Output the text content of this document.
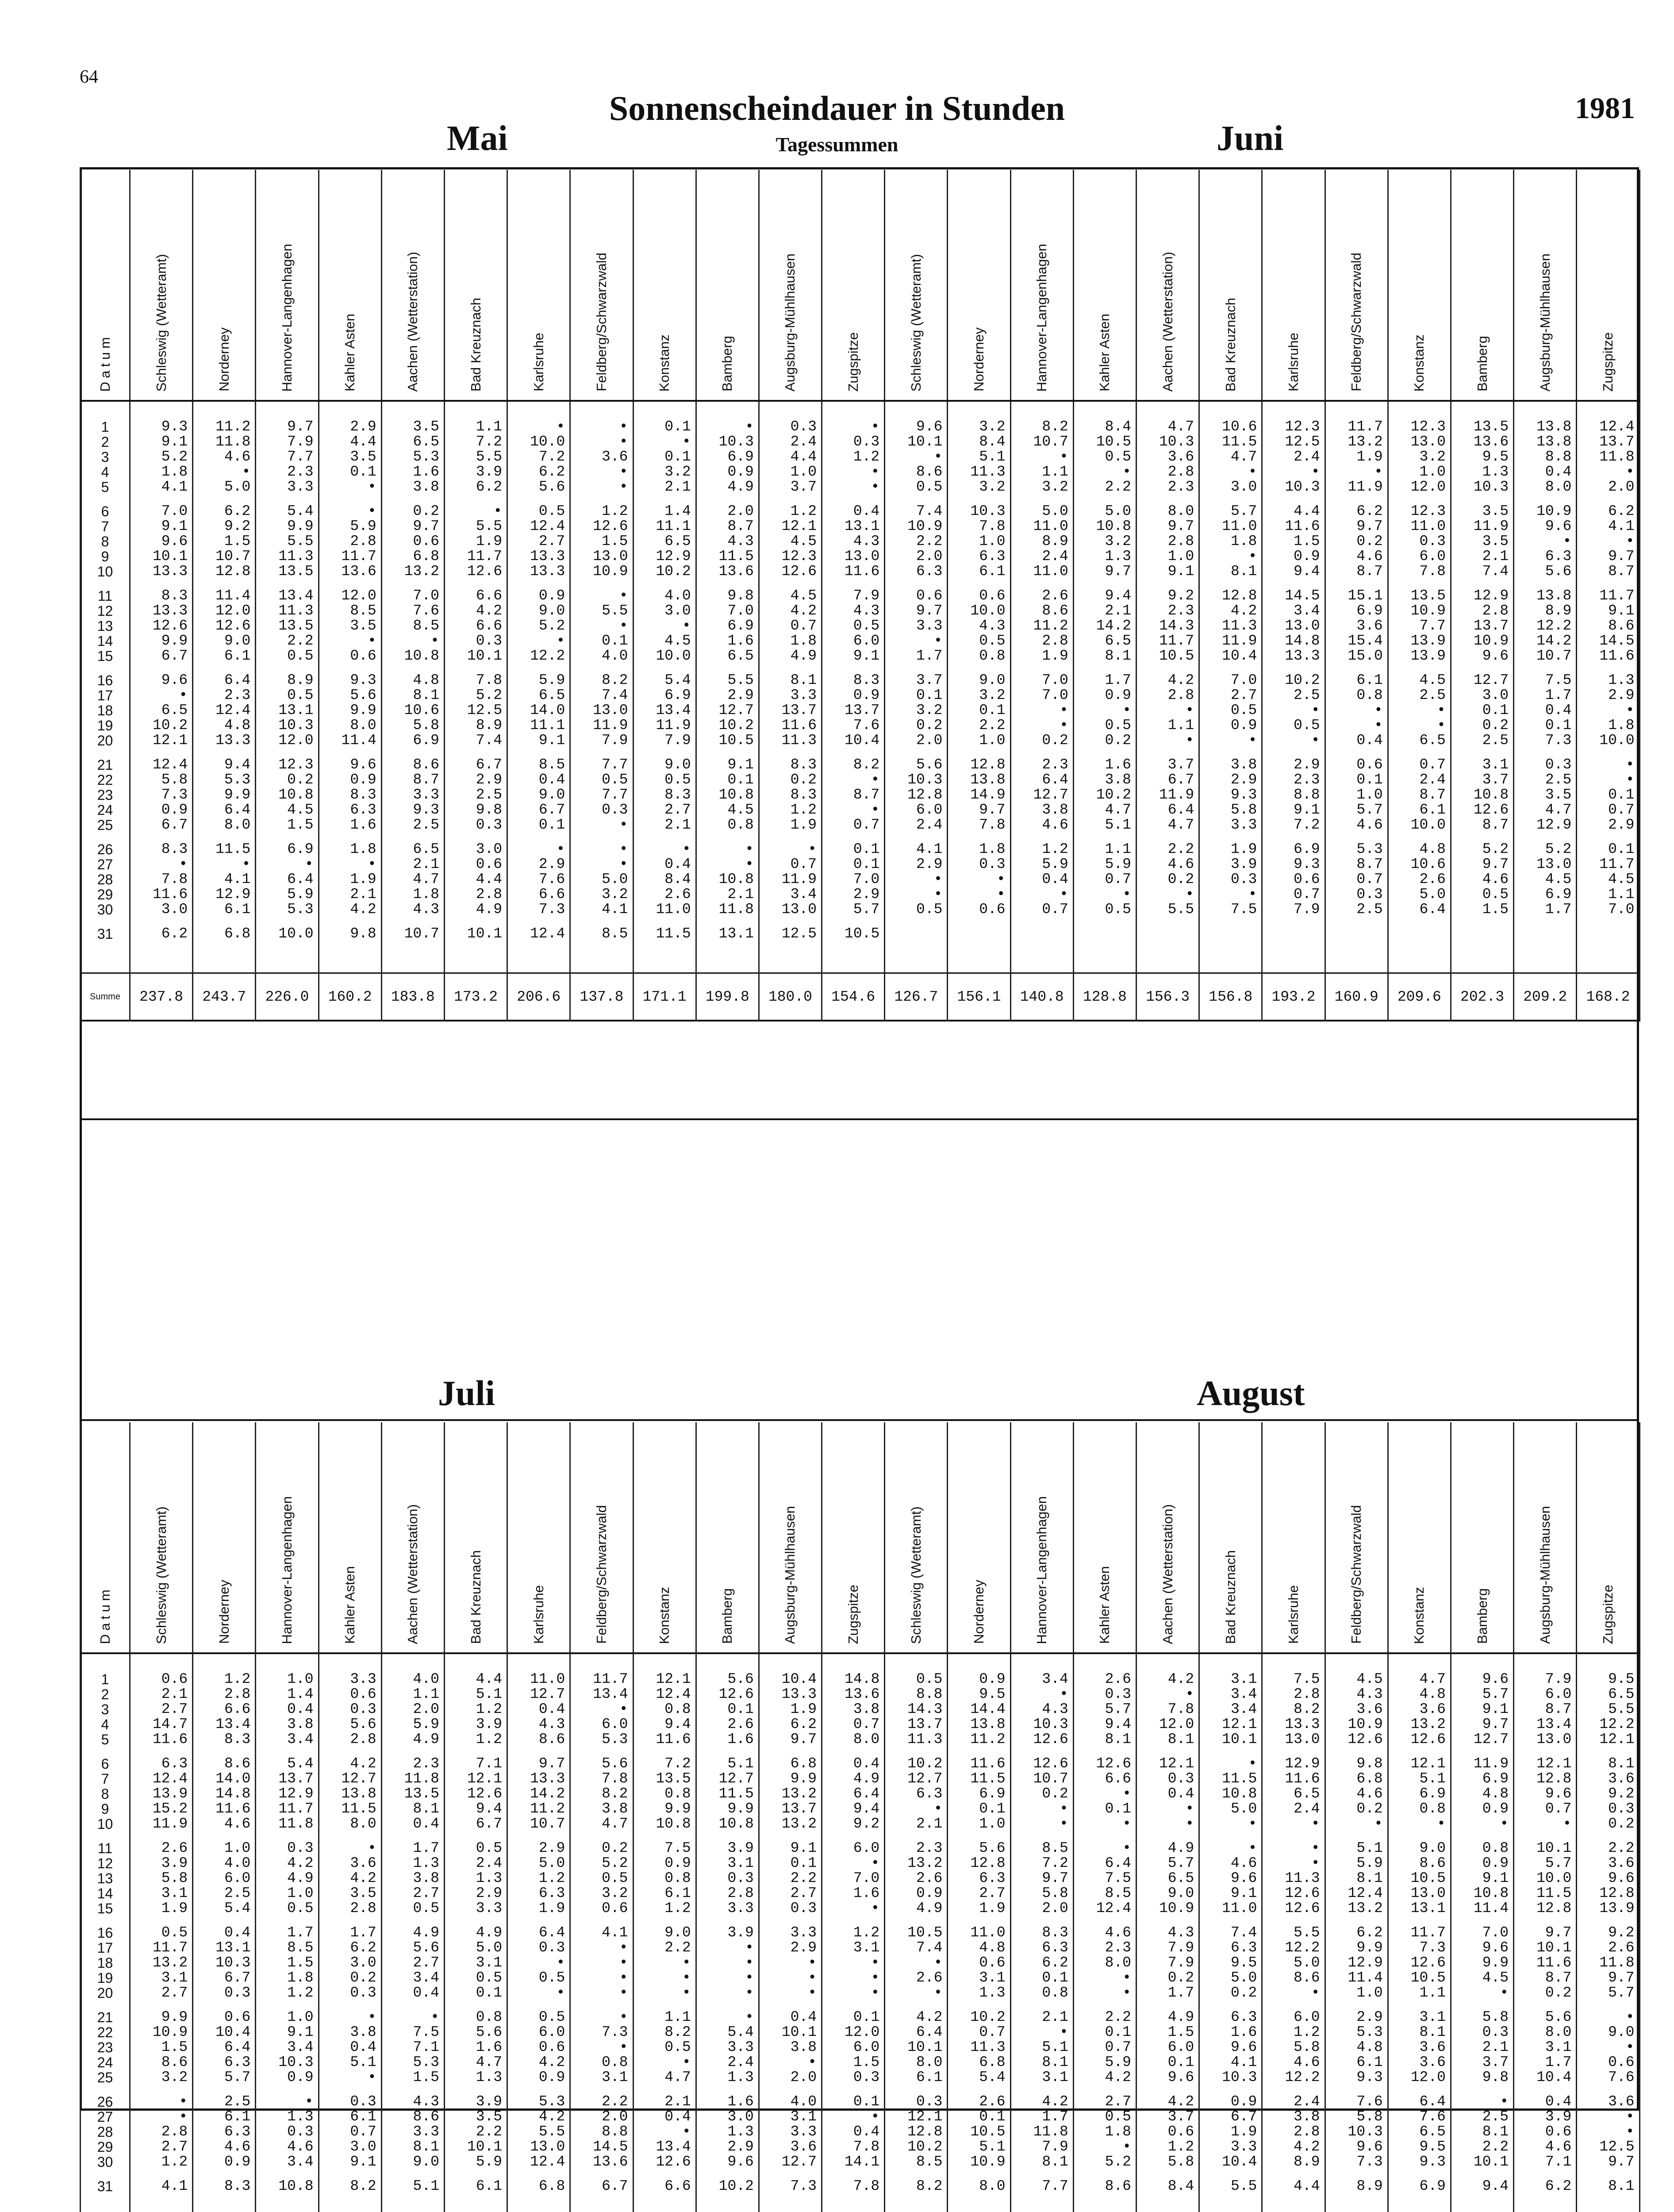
64
Sonnenscheindauer in Stunden
Tagessummen
1981
Mai	Juni
Juli	August
Datum	Schleswig (Wetteramt)	Norderney	Hannover-Langenhagen	Kahler Asten	Aachen (Wetterstation)	Bad Kreuznach	Karlsruhe	Feldberg/Schwarzwald	Konstanz	Bamberg	Augsburg-Mühlhausen	Zugspitze	Schleswig (Wetteramt)	Norderney	Hannover-Langenhagen	Kahler Asten	Aachen (Wetterstation)	Bad Kreuznach	Karlsruhe	Feldberg/Schwarzwald	Konstanz	Bamberg	Augsburg-Mühlhausen	Zugspitze

1	9.3	11.2	9.7	2.9	3.5	1.1	•	•	0.1	•	0.3	•	9.6	3.2	8.2	8.4	4.7	10.6	12.3	11.7	12.3	13.5	13.8	12.4
2	9.1	11.8	7.9	4.4	6.5	7.2	10.0	•	•	10.3	2.4	0.3	10.1	8.4	10.7	10.5	10.3	11.5	12.5	13.2	13.0	13.6	13.8	13.7
3	5.2	4.6	7.7	3.5	5.3	5.5	7.2	3.6	0.1	6.9	4.4	1.2	•	5.1	•	0.5	3.6	4.7	2.4	1.9	3.2	9.5	8.8	11.8
4	1.8	•	2.3	0.1	1.6	3.9	6.2	•	3.2	0.9	1.0	•	8.6	11.3	1.1	•	2.8	•	•	•	1.0	1.3	0.4	•
5	4.1	5.0	3.3	•	3.8	6.2	5.6	•	2.1	4.9	3.7	•	0.5	3.2	3.2	2.2	2.3	3.0	10.3	11.9	12.0	10.3	8.0	2.0

6	7.0	6.2	5.4	•	0.2	•	0.5	1.2	1.4	2.0	1.2	0.4	7.4	10.3	5.0	5.0	8.0	5.7	4.4	6.2	12.3	3.5	10.9	6.2
7	9.1	9.2	9.9	5.9	9.7	5.5	12.4	12.6	11.1	8.7	12.1	13.1	10.9	7.8	11.0	10.8	9.7	11.0	11.6	9.7	11.0	11.9	9.6	4.1
8	9.6	1.5	5.5	2.8	0.6	1.9	2.7	1.5	6.5	4.3	4.5	4.3	2.2	1.0	8.9	3.2	2.8	1.8	1.5	0.2	0.3	3.5	•	•
9	10.1	10.7	11.3	11.7	6.8	11.7	13.3	13.0	12.9	11.5	12.3	13.0	2.0	6.3	2.4	1.3	1.0	•	0.9	4.6	6.0	2.1	6.3	9.7
10	13.3	12.8	13.5	13.6	13.2	12.6	13.3	10.9	10.2	13.6	12.6	11.6	6.3	6.1	11.0	9.7	9.1	8.1	9.4	8.7	7.8	7.4	5.6	8.7

11	8.3	11.4	13.4	12.0	7.0	6.6	0.9	•	4.0	9.8	4.5	7.9	0.6	0.6	2.6	9.4	9.2	12.8	14.5	15.1	13.5	12.9	13.8	11.7
12	13.3	12.0	11.3	8.5	7.6	4.2	9.0	5.5	3.0	7.0	4.2	4.3	9.7	10.0	8.6	2.1	2.3	4.2	3.4	6.9	10.9	2.8	8.9	9.1
13	12.6	12.6	13.5	3.5	8.5	6.6	5.2	•	•	6.9	0.7	0.5	3.3	4.3	11.2	14.2	14.3	11.3	13.0	3.6	7.7	13.7	12.2	8.6
14	9.9	9.0	2.2	•	•	0.3	•	0.1	4.5	1.6	1.8	6.0	•	0.5	2.8	6.5	11.7	11.9	14.8	15.4	13.9	10.9	14.2	14.5
15	6.7	6.1	0.5	0.6	10.8	10.1	12.2	4.0	10.0	6.5	4.9	9.1	1.7	0.8	1.9	8.1	10.5	10.4	13.3	15.0	13.9	9.6	10.7	11.6

16	9.6	6.4	8.9	9.3	4.8	7.8	5.9	8.2	5.4	5.5	8.1	8.3	3.7	9.0	7.0	1.7	4.2	7.0	10.2	6.1	4.5	12.7	7.5	1.3
17	•	2.3	0.5	5.6	8.1	5.2	6.5	7.4	6.9	2.9	3.3	0.9	0.1	3.2	7.0	0.9	2.8	2.7	2.5	0.8	2.5	3.0	1.7	2.9
18	6.5	12.4	13.1	9.9	10.6	12.5	14.0	13.0	13.4	12.7	13.7	13.7	3.2	0.1	•	•	•	0.5	•	•	•	0.1	0.4	•
19	10.2	4.8	10.3	8.0	5.8	8.9	11.1	11.9	11.9	10.2	11.6	7.6	0.2	2.2	•	0.5	1.1	0.9	0.5	•	•	0.2	0.1	1.8
20	12.1	13.3	12.0	11.4	6.9	7.4	9.1	7.9	7.9	10.5	11.3	10.4	2.0	1.0	0.2	0.2	•	•	•	0.4	6.5	2.5	7.3	10.0

21	12.4	9.4	12.3	9.6	8.6	6.7	8.5	7.7	9.0	9.1	8.3	8.2	5.6	12.8	2.3	1.6	3.7	3.8	2.9	0.6	0.7	3.1	0.3	•
22	5.8	5.3	0.2	0.9	8.7	2.9	0.4	0.5	0.5	0.1	0.2	•	10.3	13.8	6.4	3.8	6.7	2.9	2.3	0.1	2.4	3.7	2.5	•
23	7.3	9.9	10.8	8.3	3.3	2.5	9.0	7.7	8.3	10.8	8.3	8.7	12.8	14.9	12.7	10.2	11.9	9.3	8.8	1.0	8.7	10.8	3.5	0.1
24	0.9	6.4	4.5	6.3	9.3	9.8	6.7	0.3	2.7	4.5	1.2	•	6.0	9.7	3.8	4.7	6.4	5.8	9.1	5.7	6.1	12.6	4.7	0.7
25	6.7	8.0	1.5	1.6	2.5	0.3	0.1	•	2.1	0.8	1.9	0.7	2.4	7.8	4.6	5.1	4.7	3.3	7.2	4.6	10.0	8.7	12.9	2.9

26	8.3	11.5	6.9	1.8	6.5	3.0	•	•	•	•	•	0.1	4.1	1.8	1.2	1.1	2.2	1.9	6.9	5.3	4.8	5.2	5.2	0.1
27	•	•	•	•	2.1	0.6	2.9	•	0.4	•	0.7	0.1	2.9	0.3	5.9	5.9	4.6	3.9	9.3	8.7	10.6	9.7	13.0	11.7
28	7.8	4.1	6.4	1.9	4.7	4.4	7.6	5.0	8.4	10.8	11.9	7.0	•	•	0.4	0.7	0.2	0.3	0.6	0.7	2.6	4.6	4.5	4.5
29	11.6	12.9	5.9	2.1	1.8	2.8	6.6	3.2	2.6	2.1	3.4	2.9	•	•	•	•	•	•	0.7	0.3	5.0	0.5	6.9	1.1
30	3.0	6.1	5.3	4.2	4.3	4.9	7.3	4.1	11.0	11.8	13.0	5.7	0.5	0.6	0.7	0.5	5.5	7.5	7.9	2.5	6.4	1.5	1.7	7.0

31	6.2	6.8	10.0	9.8	10.7	10.1	12.4	8.5	11.5	13.1	12.5	10.5												

Summe	237.8	243.7	226.0	160.2	183.8	173.2	206.6	137.8	171.1	199.8	180.0	154.6	126.7	156.1	140.8	128.8	156.3	156.8	193.2	160.9	209.6	202.3	209.2	168.2
Datum	Schleswig (Wetteramt)	Norderney	Hannover-Langenhagen	Kahler Asten	Aachen (Wetterstation)	Bad Kreuznach	Karlsruhe	Feldberg/Schwarzwald	Konstanz	Bamberg	Augsburg-Mühlhausen	Zugspitze	Schleswig (Wetteramt)	Norderney	Hannover-Langenhagen	Kahler Asten	Aachen (Wetterstation)	Bad Kreuznach	Karlsruhe	Feldberg/Schwarzwald	Konstanz	Bamberg	Augsburg-Mühlhausen	Zugspitze

1	0.6	1.2	1.0	3.3	4.0	4.4	11.0	11.7	12.1	5.6	10.4	14.8	0.5	0.9	3.4	2.6	4.2	3.1	7.5	4.5	4.7	9.6	7.9	9.5
2	2.1	2.8	1.4	0.6	1.1	5.1	12.7	13.4	12.4	12.6	13.3	13.6	8.8	9.5	•	0.3	•	3.4	2.8	4.3	4.8	5.7	6.0	6.5
3	2.7	6.6	0.4	0.3	2.0	1.2	0.4	•	0.8	0.1	1.9	3.8	14.3	14.4	4.3	5.7	7.8	3.4	8.2	3.6	3.6	9.1	8.7	5.5
4	14.7	13.4	3.8	5.6	5.9	3.9	4.3	6.0	9.4	2.6	6.2	0.7	13.7	13.8	10.3	9.4	12.0	12.1	13.3	10.9	13.2	9.7	13.4	12.2
5	11.6	8.3	3.4	2.8	4.9	1.2	8.6	5.3	11.6	1.6	9.7	8.0	11.3	11.2	12.6	8.1	8.1	10.1	13.0	12.6	12.6	12.7	13.0	12.1

6	6.3	8.6	5.4	4.2	2.3	7.1	9.7	5.6	7.2	5.1	6.8	0.4	10.2	11.6	12.6	12.6	12.1	•	12.9	9.8	12.1	11.9	12.1	8.1
7	12.4	14.0	13.7	12.7	11.8	12.1	13.3	7.8	13.5	12.7	9.9	4.9	12.7	11.5	10.7	6.6	0.3	11.5	11.6	6.8	5.1	6.9	12.8	3.6
8	13.9	14.8	12.9	13.8	13.5	12.6	14.2	8.2	0.8	11.5	13.2	6.4	6.3	6.9	0.2	•	0.4	10.8	6.5	4.6	6.9	4.8	9.6	9.2
9	15.2	11.6	11.7	11.5	8.1	9.4	11.2	3.8	9.9	9.9	13.7	9.4	•	0.1	•	0.1	•	5.0	2.4	0.2	0.8	0.9	0.7	0.3
10	11.9	4.6	11.8	8.0	0.4	6.7	10.7	4.7	10.8	10.8	13.2	9.2	2.1	1.0	•	•	•	•	•	•	•	•	•	0.2

11	2.6	1.0	0.3	•	1.7	0.5	2.9	0.2	7.5	3.9	9.1	6.0	2.3	5.6	8.5	•	4.9	•	•	5.1	9.0	0.8	10.1	2.2
12	3.9	4.0	4.2	3.6	1.3	2.4	5.0	5.2	0.9	3.1	0.1	•	13.2	12.8	7.2	6.4	5.7	4.6	•	5.9	8.6	0.9	5.7	3.6
13	5.8	6.0	4.9	4.2	3.8	1.3	1.2	0.5	0.8	0.3	2.2	7.0	2.6	6.3	9.7	7.5	6.5	9.6	11.3	8.1	10.5	9.1	10.0	9.6
14	3.1	2.5	1.0	3.5	2.7	2.9	6.3	3.2	6.1	2.8	2.7	1.6	0.9	2.7	5.8	8.5	9.0	9.1	12.6	12.4	13.0	10.8	11.5	12.8
15	1.9	5.4	0.5	2.8	0.5	3.3	1.9	0.6	1.2	3.3	0.3	•	4.9	1.9	2.0	12.4	10.9	11.0	12.6	13.2	13.1	11.4	12.8	13.9

16	0.5	0.4	1.7	1.7	4.9	4.9	6.4	4.1	9.0	3.9	3.3	1.2	10.5	11.0	8.3	4.6	4.3	7.4	5.5	6.2	11.7	7.0	9.7	9.2
17	11.7	13.1	8.5	6.2	5.6	5.0	0.3	•	2.2	•	2.9	3.1	7.4	4.8	6.3	2.3	7.9	6.3	12.2	9.9	7.3	9.6	10.1	2.6
18	13.2	10.3	1.5	3.0	2.7	3.1	•	•	•	•	•	•	•	0.6	6.2	8.0	7.9	9.5	5.0	12.9	12.6	9.9	11.6	11.8
19	3.1	6.7	1.8	0.2	3.4	0.5	0.5	•	•	•	•	•	2.6	3.1	0.1	•	0.2	5.0	8.6	11.4	10.5	4.5	8.7	9.7
20	2.7	0.3	1.2	0.3	0.4	0.1	•	•	•	•	•	•	•	1.3	0.8	•	1.7	0.2	•	1.0	1.1	•	0.2	5.7

21	9.9	0.6	1.0	•	•	0.8	0.5	•	1.1	•	0.4	0.1	4.2	10.2	2.1	2.2	4.9	6.3	6.0	2.9	3.1	5.8	5.6	•
22	10.9	10.4	9.1	3.8	7.5	5.6	6.0	7.3	8.2	5.4	10.1	12.0	6.4	0.7	•	0.1	1.5	1.6	1.2	5.3	8.1	0.3	8.0	9.0
23	1.5	6.4	3.4	0.4	7.1	1.6	0.6	•	0.5	3.3	3.8	6.0	10.1	11.3	5.1	0.7	6.0	9.6	5.8	4.8	3.6	2.1	3.1	•
24	8.6	6.3	10.3	5.1	5.3	4.7	4.2	0.8	•	2.4	•	1.5	8.0	6.8	8.1	5.9	0.1	4.1	4.6	6.1	3.6	3.7	1.7	0.6
25	3.2	5.7	0.9	•	1.5	1.3	0.9	3.1	4.7	1.3	2.0	0.3	6.1	5.4	3.1	4.2	9.6	10.3	12.2	9.3	12.0	9.8	10.4	7.6

26	•	2.5	•	0.3	4.3	3.9	5.3	2.2	2.1	1.6	4.0	0.1	0.3	2.6	4.2	2.7	4.2	0.9	2.4	7.6	6.4	•	0.4	3.6
27	•	6.1	1.3	6.1	8.6	3.5	4.2	2.0	0.4	3.0	3.1	•	12.1	0.1	1.7	0.5	3.7	6.7	3.8	5.8	7.6	2.5	3.9	•
28	2.8	6.3	0.3	0.7	3.3	2.2	5.5	8.8	•	1.3	3.3	0.4	12.8	10.5	11.8	1.8	0.6	1.9	2.8	10.3	6.5	8.1	0.6	•
29	2.7	4.6	4.6	3.0	8.1	10.1	13.0	14.5	13.4	2.9	3.6	7.8	10.2	5.1	7.9	•	1.2	3.3	4.2	9.6	9.5	2.2	4.6	12.5
30	1.2	0.9	3.4	9.1	9.0	5.9	12.4	13.6	12.6	9.6	12.7	14.1	8.5	10.9	8.1	5.2	5.8	10.4	8.9	7.3	9.3	10.1	7.1	9.7

31	4.1	8.3	10.8	8.2	5.1	6.1	6.8	6.7	6.6	10.2	7.3	7.8	8.2	8.0	7.7	8.6	8.4	5.5	4.4	8.9	6.9	9.4	6.2	8.1
